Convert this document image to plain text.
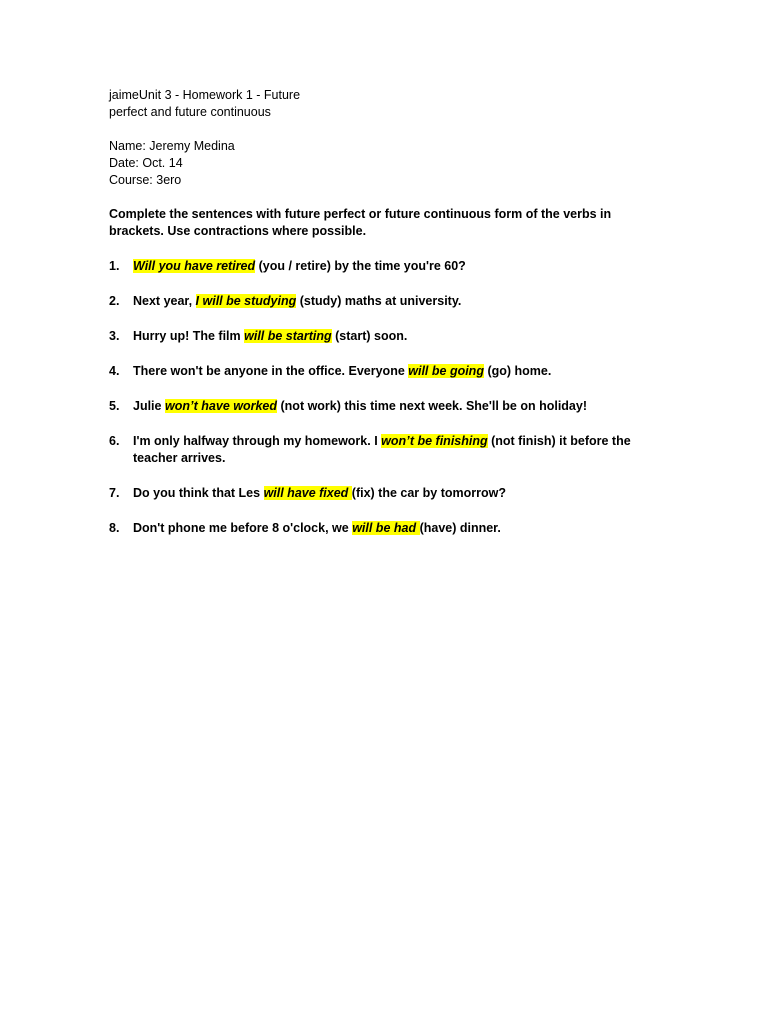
jaimeUnit 3 - Homework 1 - Future
perfect and future continuous
Name: Jeremy Medina
Date: Oct. 14
Course: 3ero
Complete the sentences with future perfect or future continuous form of the verbs in brackets. Use contractions where possible.
1. Will you have retired (you / retire) by the time you're 60?
2. Next year, I will be studying (study) maths at university.
3. Hurry up! The film will be starting (start) soon.
4. There won't be anyone in the office. Everyone will be going (go) home.
5. Julie won’t have worked (not work) this time next week. She'll be on holiday!
6. I'm only halfway through my homework. I won’t be finishing (not finish) it before the teacher arrives.
7. Do you think that Les will have fixed (fix) the car by tomorrow?
8. Don't phone me before 8 o'clock, we will be had (have) dinner.
